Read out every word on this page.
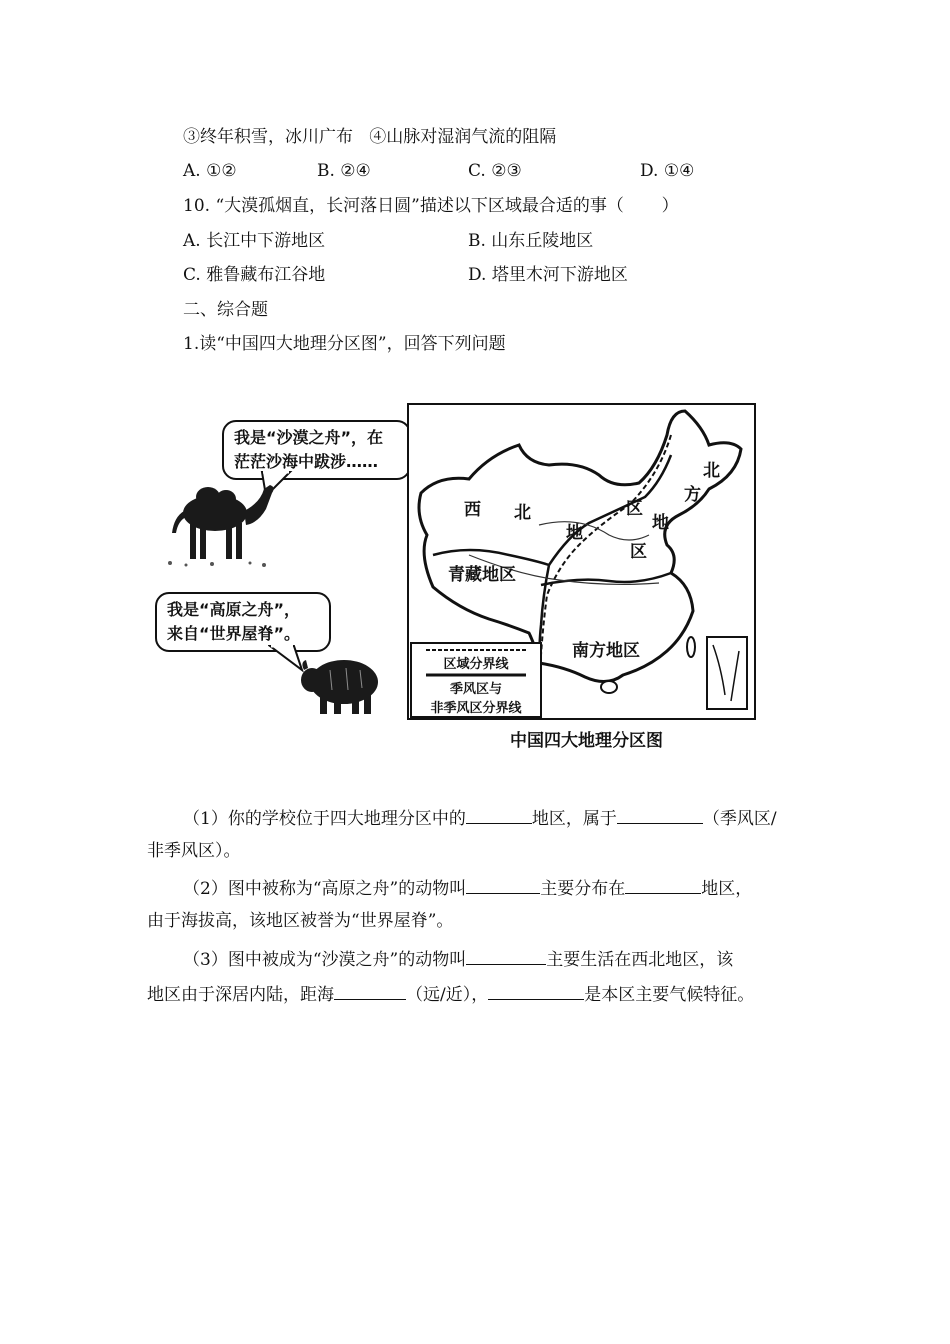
③终年积雪，冰川广布   ④山脉对湿润气流的阻隔
A. ①②	B. ②④	C. ②③	D. ①④
10. “大漠孤烟直，长河落日圆”描述以下区域最合适的事（       ）
A. 长江中下游地区	B. 山东丘陵地区
C. 雅鲁藏布江谷地	D. 塔里木河下游地区
二、综合题
1.读“中国四大地理分区图”，回答下列问题
我是“沙漠之舟”，在
茫茫沙海中跋涉……
我是“高原之舟”，
来自“世界屋脊”。
西 北
地
区
青藏地区
南方地区
北
方
地
区
区域分界线
季风区与
非季风区分界线
中国四大地理分区图
（1）你的学校位于四大地理分区中的	地区，属于	（季风区/
非季风区）。
（2）图中被称为“高原之舟”的动物叫	主要分布在	地区，
由于海拔高，该地区被誉为“世界屋脊”。
（3）图中被成为“沙漠之舟”的动物叫	主要生活在西北地区，该
地区由于深居内陆，距海	（远/近），	是本区主要气候特征。
